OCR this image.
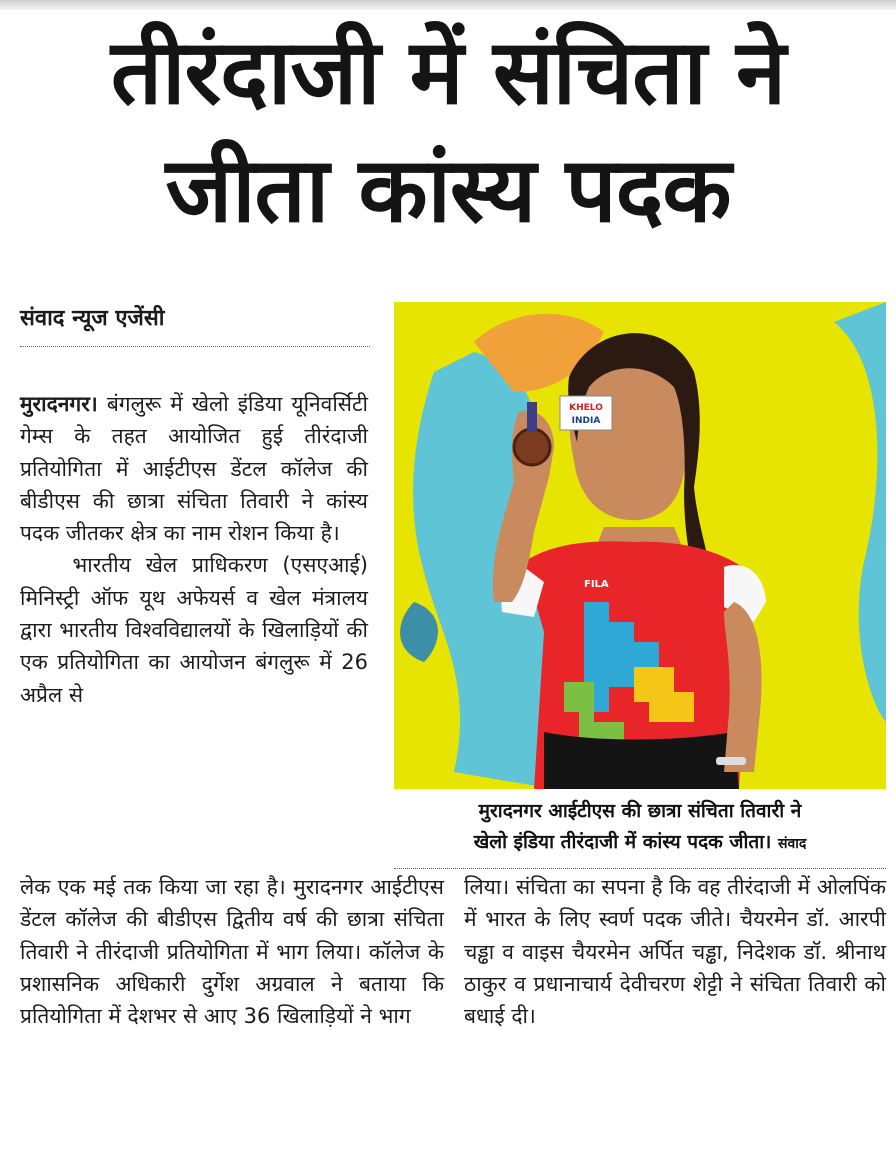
तीरंदाजी में संचिता ने
जीता कांस्य पदक
संवाद न्यूज एजेंसी

मुरादनगर। बंगलुरू में खेलो इंडिया यूनिवर्सिटी गेम्स के तहत आयोजित हुई तीरंदाजी प्रतियोगिता में आईटीएस डेंटल कॉलेज की बीडीएस की छात्रा संचिता तिवारी ने कांस्य पदक जीतकर क्षेत्र का नाम रोशन किया है।

भारतीय खेल प्राधिकरण (एसएआई) मिनिस्ट्री ऑफ यूथ अफेयर्स व खेल मंत्रालय द्वारा भारतीय विश्वविद्यालयों के खिलाड़ियों की एक प्रतियोगिता का आयोजन बंगलुरू में 26 अप्रैल से

लेक एक मई तक किया जा रहा है। मुरादनगर आईटीएस डेंटल कॉलेज की बीडीएस द्वितीय वर्ष की छात्रा संचिता तिवारी ने तीरंदाजी प्रतियोगिता में भाग लिया। कॉलेज के प्रशासनिक अधिकारी दुर्गेश अग्रवाल ने बताया कि प्रतियोगिता में देशभर से आए 36 खिलाड़ियों ने भाग

लिया। संचिता का सपना है कि वह तीरंदाजी में ओलपिंक में भारत के लिए स्वर्ण पदक जीते। चैयरमेन डॉ. आरपी चड्ढा व वाइस चैयरमेन अर्पित चड्ढा, निदेशक डॉ. श्रीनाथ ठाकुर व प्रधानाचार्य देवीचरण शेट्टी ने संचिता तिवारी को बधाई दी।

KHELO
INDIA
FILA
मुरादनगर आईटीएस की छात्रा संचिता तिवारी ने
खेलो इंडिया तीरंदाजी में कांस्य पदक जीता। संवाद
